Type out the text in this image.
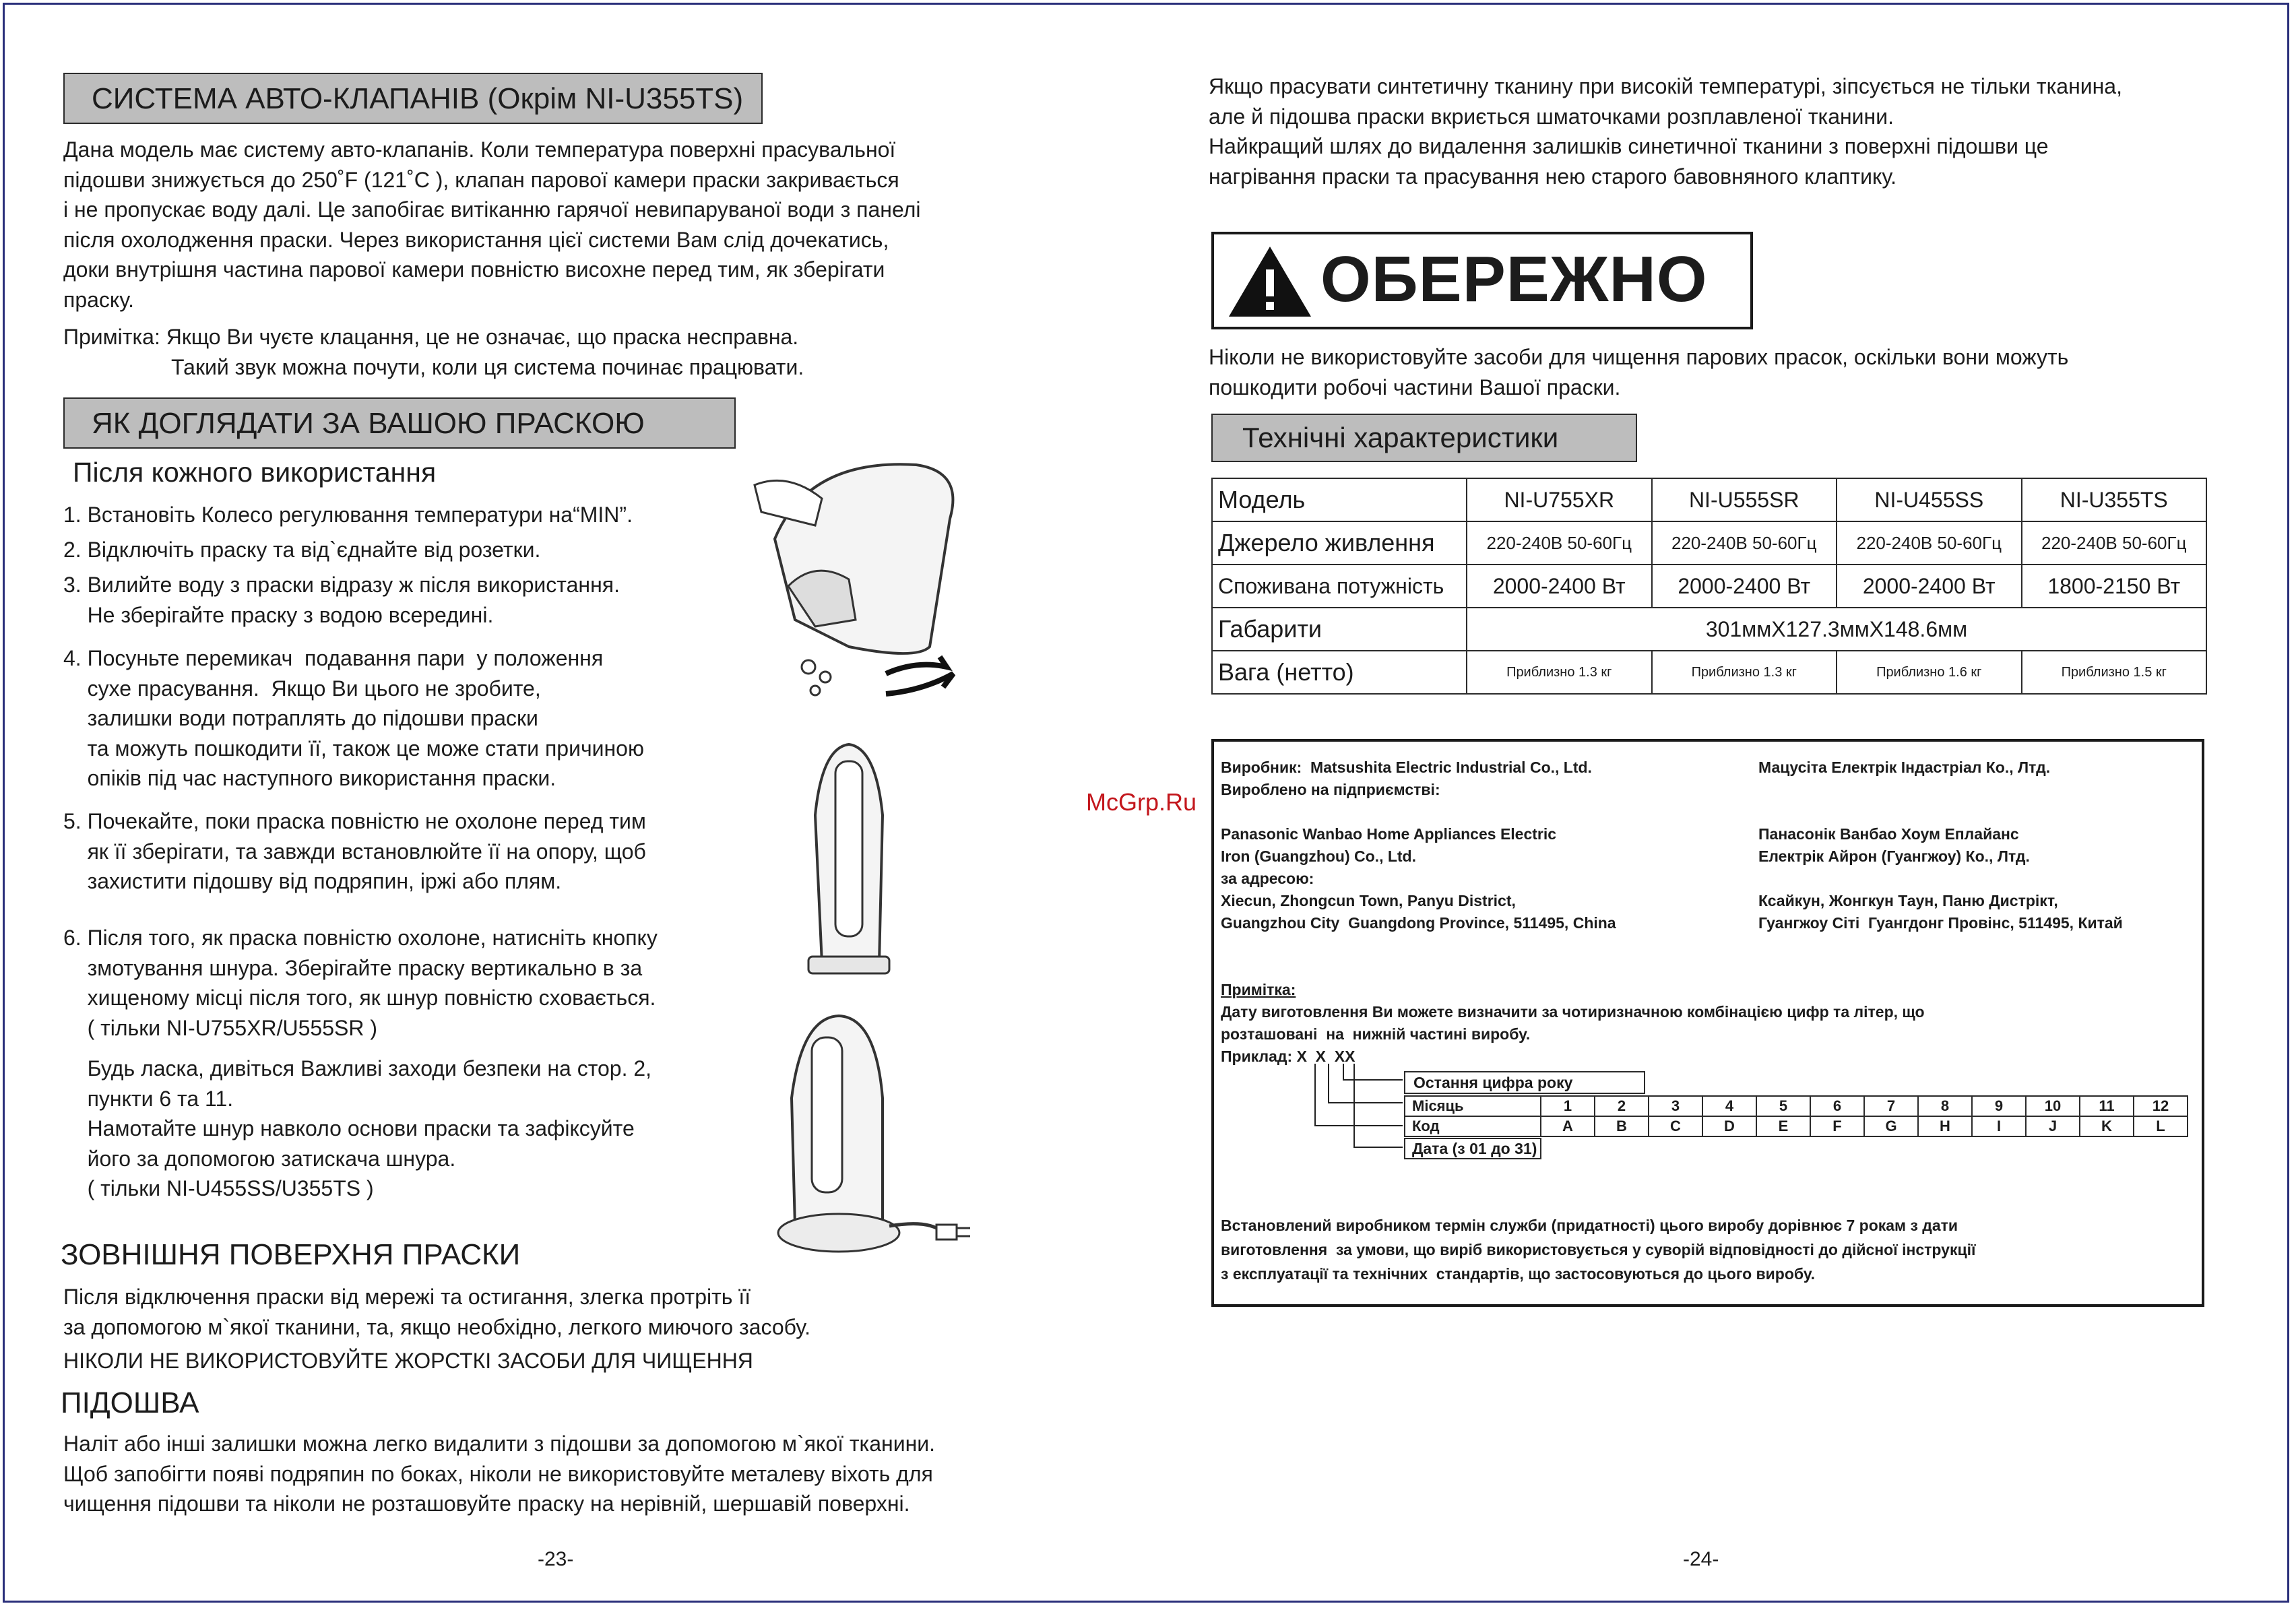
СИСТЕМА АВТО-КЛАПАНІВ (Окрім NI-U355TS)
Дана модель має систему авто-клапанів. Коли температура поверхні прасувальної
підошви знижується до 250˚F (121˚C ), клапан парової камери праски закривається
і не пропускає воду далі. Це запобігає витіканню гарячої невипаруваної води з панелі
після охолодження праски. Через використання цієї системи Вам слід дочекатись,
доки внутрішня частина парової камери повністю висохне перед тим, як зберігати
праску.
Примітка: Якщо Ви чуєте клацання, це не означає, що праска несправна.
Такий звук можна почути, коли ця система починає працювати.
ЯК ДОГЛЯДАТИ ЗА ВАШОЮ ПРАСКОЮ
Після кожного використання
1. Встановіть Колесо регулювання температури на“MIN”.
2. Відключіть праску та від`єднайте від розетки.
3. Вилийте воду з праски відразу ж після використання.
Не зберігайте праску з водою всередині.
4. Посуньте перемикач  подавання пари  у положення
сухе прасування.  Якщо Ви цього не зробите,
залишки води потраплять до підошви праски
та можуть пошкодити її, також це може стати причиною
опіків під час наступного використання праски.
5. Почекайте, поки праска повністю не охолоне перед тим
як її зберігати, та завжди встановлюйте її на опору, щоб
захистити підошву від подряпин, іржі або плям.
6. Після того, як праска повністю охолоне, натисніть кнопку
змотування шнура. Зберігайте праску вертикально в за
хищеному місці після того, як шнур повністю сховається.
( тільки NI-U755XR/U555SR )
Будь ласка, дивіться Важливі заходи безпеки на стор. 2,
пункти 6 та 11.
Намотайте шнур навколо основи праски та зафіксуйте
його за допомогою затискача шнура.
( тільки NI-U455SS/U355TS )
ЗОВНІШНЯ ПОВЕРХНЯ ПРАСКИ
Після відключення праски від мережі та остигання, злегка протріть її
за допомогою м`якої тканини, та, якщо необхідно, легкого миючого засобу.
НІКОЛИ НЕ ВИКОРИСТОВУЙТЕ ЖОРСТКІ ЗАСОБИ ДЛЯ ЧИЩЕННЯ
ПІДОШВА
Наліт або інші залишки можна легко видалити з підошви за допомогою м`якої тканини.
Щоб запобігти появі подряпин по боках, ніколи не використовуйте металеву віхоть для
чищення підошви та ніколи не розташовуйте праску на нерівній, шершавій поверхні.
-23-
Якщо прасувати синтетичну тканину при високій температурі, зіпсується не тільки тканина,
але й підошва праски вкриється шматочками розплавленої тканини.
Найкращий шлях до видалення залишків синетичної тканини з поверхні підошви це
нагрівання праски та прасування нею старого бавовняного клаптику.
ОБЕРЕЖНО
Ніколи не використовуйте засоби для чищення парових прасок, оскільки вони можуть
пошкодити робочі частини Вашої праски.
Технічні характеристики
Модель	NI-U755XR	NI-U555SR	NI-U455SS	NI-U355TS
Джерело живлення	220-240В 50-60Гц	220-240В 50-60Гц	220-240В 50-60Гц	220-240В 50-60Гц
Споживана потужність	2000-2400 Вт	2000-2400 Вт	2000-2400 Вт	1800-2150 Вт
Габарити	301ммX127.3ммX148.6мм			
Вага (нетто)	Приблизно 1.3 кг	Приблизно 1.3 кг	Приблизно 1.6 кг	Приблизно 1.5 кг
Виробник:  Matsushita Electric Industrial Co., Ltd.
Вироблено на підприємстві:

Panasonic Wanbao Home Appliances Electric
Iron (Guangzhou) Co., Ltd.
за адресою:
Xiecun, Zhongcun Town, Panyu District,
Guangzhou City  Guangdong Province, 511495, China
Мацусіта Електрік Індастріал Ко., Лтд.

Панасонік Ванбао Хоум Еплайанс
Електрік Айрон (Гуангжоу) Ко., Лтд.

Ксайкун, Жонгкун Таун, Паню Дистрікт,
Гуангжоу Сіті  Гуангдонг Провінс, 511495, Китай
Примітка:
Дату виготовлення Ви можете визначити за чотиризначною комбінацією цифр та літер, що
розташовані  на  нижній частині виробу.
Приклад: X  X  XX
Остання цифра року
Місяць	1	2	3	4	5	6	7	8	9	10	11	12
Код	A	B	C	D	E	F	G	H	I	J	K	L
Дата (з 01 до 31)
Встановлений виробником термін служби (придатності) цього виробу дорівнює 7 рокам з дати
виготовлення  за умови, що виріб використовується у суворій відповідності до дійсної інструкції
з експлуатації та технічних  стандартів, що застосовуються до цього виробу.
McGrp.Ru
-24-
